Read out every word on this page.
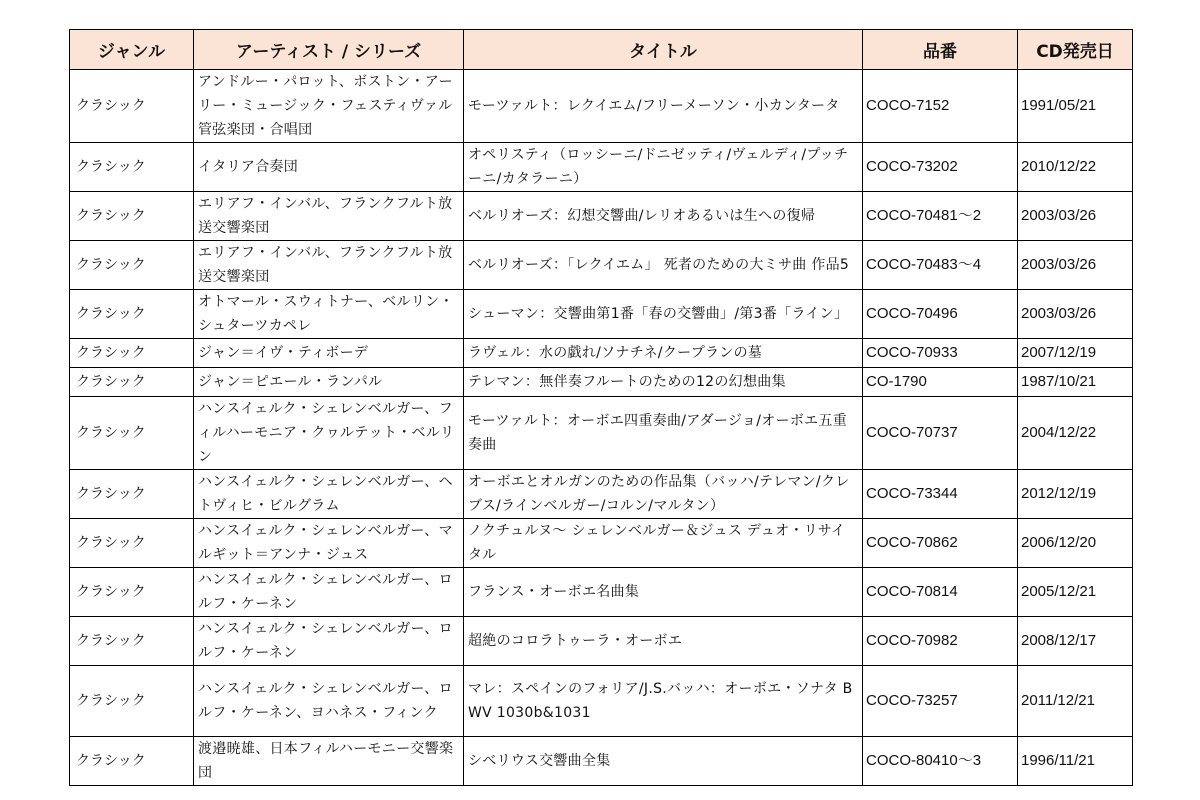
ジャンル	アーティスト / シリーズ	タイトル	品番	CD発売日
クラシック	アンドルー・パロット、ボストン・アーリー・ミュージック・フェスティヴァル管弦楽団・合唱団	モーツァルト：レクイエム/フリーメーソン・小カンタータ	COCO-7152	1991/05/21
クラシック	イタリア合奏団	オペリスティ（ロッシーニ/ドニゼッティ/ヴェルディ/プッチーニ/カタラーニ）	COCO-73202	2010/12/22
クラシック	エリアフ・インバル、フランクフルト放送交響楽団	ベルリオーズ：幻想交響曲/レリオあるいは生への復帰	COCO-70481～2	2003/03/26
クラシック	エリアフ・インバル、フランクフルト放送交響楽団	ベルリオーズ：「レクイエム」 死者のための大ミサ曲 作品5	COCO-70483～4	2003/03/26
クラシック	オトマール・スウィトナー、ベルリン・シュターツカペレ	シューマン：交響曲第1番「春の交響曲」/第3番「ライン」	COCO-70496	2003/03/26
クラシック	ジャン＝イヴ・ティボーデ	ラヴェル：水の戯れ/ソナチネ/クープランの墓	COCO-70933	2007/12/19
クラシック	ジャン＝ピエール・ランパル	テレマン：無伴奏フルートのための12の幻想曲集	CO-1790	1987/10/21
クラシック	ハンスイェルク・シェレンベルガー、フィルハーモニア・クヮルテット・ベルリン	モーツァルト：オーボエ四重奏曲/アダージョ/オーボエ五重奏曲	COCO-70737	2004/12/22
クラシック	ハンスイェルク・シェレンベルガー、ヘトヴィヒ・ビルグラム	オーボエとオルガンのための作品集（バッハ/テレマン/クレブス/ラインベルガー/コルン/マルタン）	COCO-73344	2012/12/19
クラシック	ハンスイェルク・シェレンベルガー、マルギット＝アンナ・ジュス	ノクチュルヌ～ シェレンベルガー＆ジュス デュオ・リサイタル	COCO-70862	2006/12/20
クラシック	ハンスイェルク・シェレンベルガー、ロルフ・ケーネン	フランス・オーボエ名曲集	COCO-70814	2005/12/21
クラシック	ハンスイェルク・シェレンベルガー、ロルフ・ケーネン	超絶のコロラトゥーラ・オーボエ	COCO-70982	2008/12/17
クラシック	ハンスイェルク・シェレンベルガー、ロルフ・ケーネン、ヨハネス・フィンク	マレ：スペインのフォリア/J.S.バッハ：オーボエ・ソナタ BWV 1030b&1031	COCO-73257	2011/12/21
クラシック	渡邉暁雄、日本フィルハーモニー交響楽団	シベリウス交響曲全集	COCO-80410～3	1996/11/21
